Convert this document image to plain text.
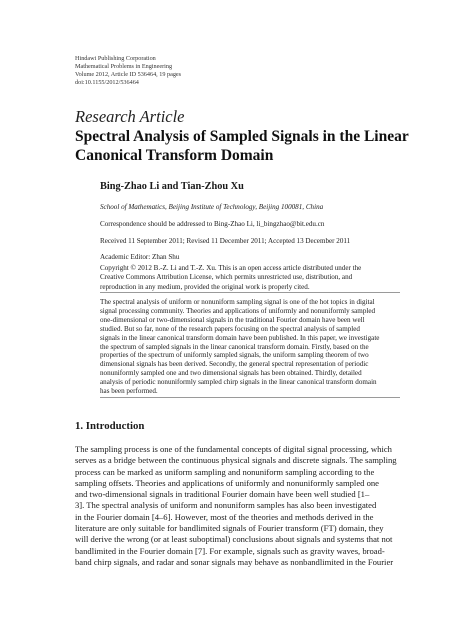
Hindawi Publishing Corporation
Mathematical Problems in Engineering
Volume 2012, Article ID 536464, 19 pages
doi:10.1155/2012/536464
Research Article
Spectral Analysis of Sampled Signals in the Linear
Canonical Transform Domain
Bing-Zhao Li and Tian-Zhou Xu
School of Mathematics, Beijing Institute of Technology, Beijing 100081, China
Correspondence should be addressed to Bing-Zhao Li, li_bingzhao@bit.edu.cn
Received 11 September 2011; Revised 11 December 2011; Accepted 13 December 2011
Academic Editor: Zhan Shu
Copyright © 2012 B.-Z. Li and T.-Z. Xu. This is an open access article distributed under the
Creative Commons Attribution License, which permits unrestricted use, distribution, and
reproduction in any medium, provided the original work is properly cited.
The spectral analysis of uniform or nonuniform sampling signal is one of the hot topics in digital
signal processing community. Theories and applications of uniformly and nonuniformly sampled
one-dimensional or two-dimensional signals in the traditional Fourier domain have been well
studied. But so far, none of the research papers focusing on the spectral analysis of sampled
signals in the linear canonical transform domain have been published. In this paper, we investigate
the spectrum of sampled signals in the linear canonical transform domain. Firstly, based on the
properties of the spectrum of uniformly sampled signals, the uniform sampling theorem of two
dimensional signals has been derived. Secondly, the general spectral representation of periodic
nonuniformly sampled one and two dimensional signals has been obtained. Thirdly, detailed
analysis of periodic nonuniformly sampled chirp signals in the linear canonical transform domain
has been performed.
1. Introduction
The sampling process is one of the fundamental concepts of digital signal processing, which
serves as a bridge between the continuous physical signals and discrete signals. The sampling
process can be marked as uniform sampling and nonuniform sampling according to the
sampling offsets. Theories and applications of uniformly and nonuniformly sampled one
and two-dimensional signals in traditional Fourier domain have been well studied [1–
3]. The spectral analysis of uniform and nonuniform samples has also been investigated
in the Fourier domain [4–6]. However, most of the theories and methods derived in the
literature are only suitable for bandlimited signals of Fourier transform (FT) domain, they
will derive the wrong (or at least suboptimal) conclusions about signals and systems that not
bandlimited in the Fourier domain [7]. For example, signals such as gravity waves, broad-
band chirp signals, and radar and sonar signals may behave as nonbandlimited in the Fourier
